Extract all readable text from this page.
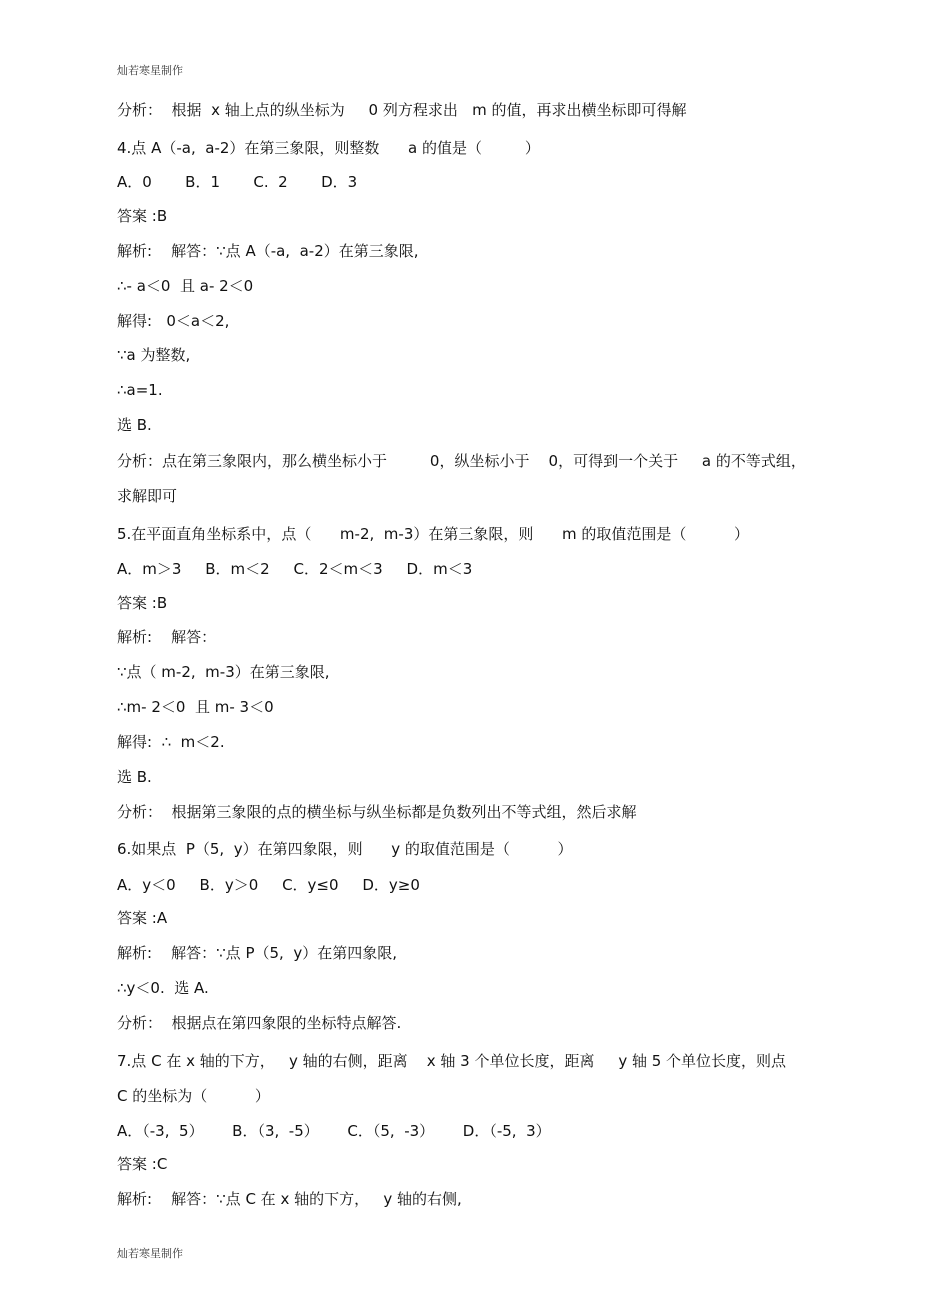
灿若寒星制作
分析：  根据  x 轴上点的纵坐标为     0 列方程求出   m 的值，再求出横坐标即可得解
4.点 A（-a,  a-2）在第三象限，则整数      a 的值是（         ）
A．0       B．1       C.  2       D．3
答案 :B
解析:    解答：∵点 A（-a,  a-2）在第三象限,
∴- a＜0  且 a- 2＜0
解得:   0＜a＜2,
∵a 为整数,
∴a=1.
选 B.
分析：点在第三象限内，那么横坐标小于         0，纵坐标小于    0，可得到一个关于     a 的不等式组，
求解即可
5.在平面直角坐标系中，点（      m-2,  m-3）在第三象限，则      m 的取值范围是（          ）
A．m＞3     B．m＜2     C．2＜m＜3     D．m＜3
答案 :B
解析:    解答：
∵点（ m-2,  m-3）在第三象限,
∴m- 2＜0  且 m- 3＜0
解得:  ∴  m＜2.
选 B.
分析：  根据第三象限的点的横坐标与纵坐标都是负数列出不等式组，然后求解
6.如果点  P（5,  y）在第四象限，则      y 的取值范围是（          ）
A．y＜0     B．y＞0     C．y≤0     D．y≥0
答案 :A
解析:    解答：∵点 P（5,  y）在第四象限,
∴y＜0.  选 A.
分析：  根据点在第四象限的坐标特点解答.
7.点 C 在 x 轴的下方，   y 轴的右侧，距离    x 轴 3 个单位长度，距离     y 轴 5 个单位长度，则点
C 的坐标为（          ）
A．（-3,  5）      B．（3,  -5）      C．（5,  -3）      D．（-5,  3）
答案 :C
解析:    解答：∵点 C 在 x 轴的下方，   y 轴的右侧,
灿若寒星制作
